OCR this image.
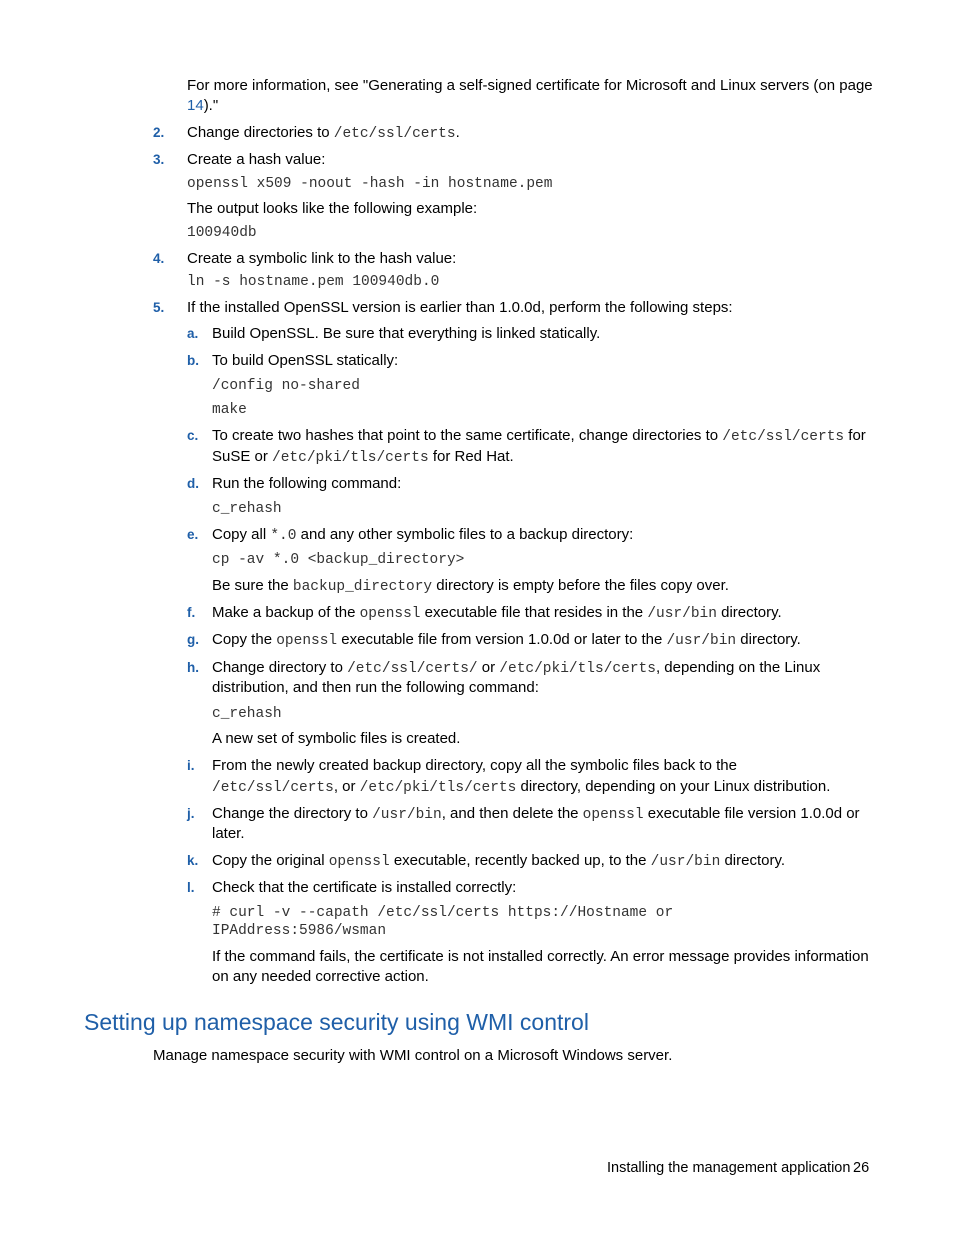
For more information, see "Generating a self-signed certificate for Microsoft and Linux servers (on page
14)."
2. Change directories to /etc/ssl/certs.
3. Create a hash value:
openssl x509 -noout -hash -in hostname.pem
The output looks like the following example:
100940db
4. Create a symbolic link to the hash value:
ln -s hostname.pem 100940db.0
5. If the installed OpenSSL version is earlier than 1.0.0d, perform the following steps:
a. Build OpenSSL. Be sure that everything is linked statically.
b. To build OpenSSL statically:
/config no-shared
make
c. To create two hashes that point to the same certificate, change directories to /etc/ssl/certs for
SuSE or /etc/pki/tls/certs for Red Hat.
d. Run the following command:
c_rehash
e. Copy all *.0 and any other symbolic files to a backup directory:
cp -av *.0 <backup_directory>
Be sure the backup_directory directory is empty before the files copy over.
f. Make a backup of the openssl executable file that resides in the /usr/bin directory.
g. Copy the openssl executable file from version 1.0.0d or later to the /usr/bin directory.
h. Change directory to /etc/ssl/certs/ or /etc/pki/tls/certs, depending on the Linux
distribution, and then run the following command:
c_rehash
A new set of symbolic files is created.
i. From the newly created backup directory, copy all the symbolic files back to the
/etc/ssl/certs, or /etc/pki/tls/certs directory, depending on your Linux distribution.
j. Change the directory to /usr/bin, and then delete the openssl executable file version 1.0.0d or
later.
k. Copy the original openssl executable, recently backed up, to the /usr/bin directory.
l. Check that the certificate is installed correctly:
# curl -v --capath /etc/ssl/certs https://Hostname or
IPAddress:5986/wsman
If the command fails, the certificate is not installed correctly. An error message provides information
on any needed corrective action.
Setting up namespace security using WMI control
Manage namespace security with WMI control on a Microsoft Windows server.
Installing the management application 26
